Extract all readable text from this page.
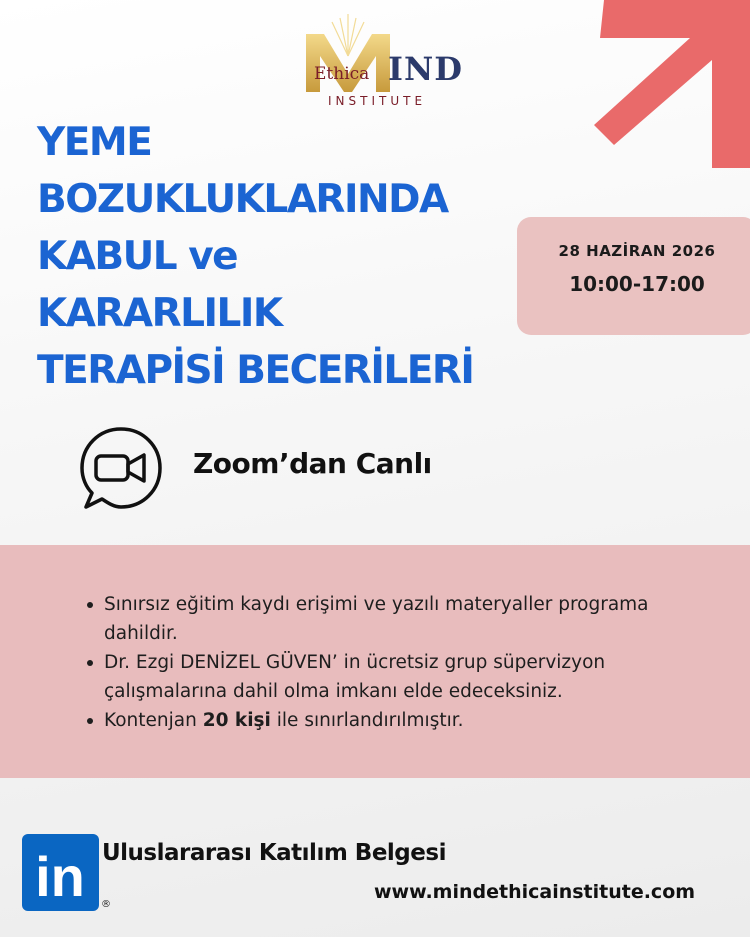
Ethica IND
INSTITUTE
YEME
BOZUKLUKLARINDA
KABUL ve
KARARLILIK
TERAPİSİ BECERİLERİ
28 HAZİRAN 2026
10:00-17:00
Zoom’dan Canlı
Sınırsız eğitim kaydı erişimi ve yazılı materyaller programa dahildir.
Dr. Ezgi DENİZEL GÜVEN’ in ücretsiz grup süpervizyon çalışmalarına dahil olma imkanı elde edeceksiniz.
Kontenjan 20 kişi ile sınırlandırılmıştır.
in ®
Uluslararası Katılım Belgesi
www.mindethicainstitute.com
